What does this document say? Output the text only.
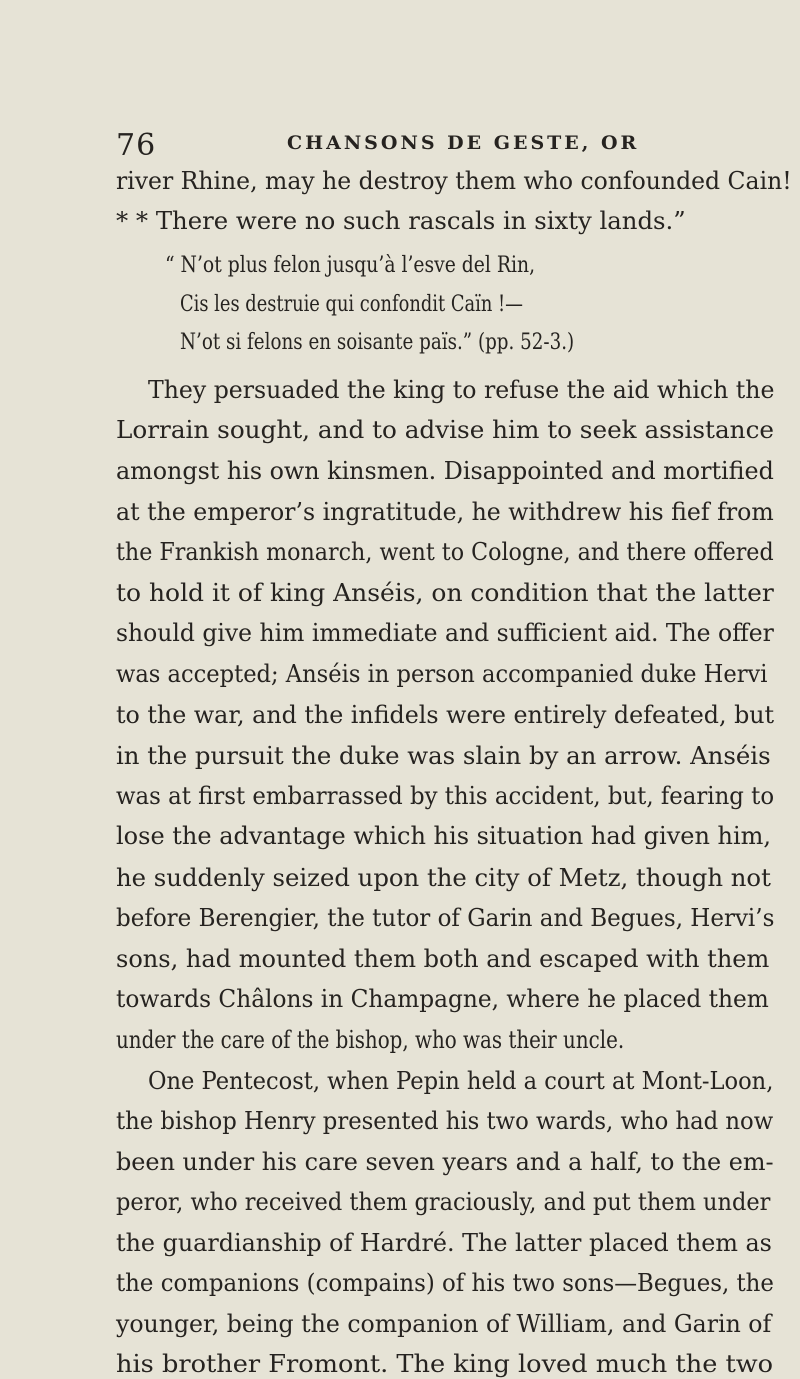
76	CHANSONS DE GESTE, OR
river Rhine, may he destroy them who confounded Cain!
* * There were no such rascals in sixty lands.”
“ N’ot plus felon jusqu’à l’esve del Rin,
Cis les destruie qui confondit Caïn !—
N’ot si felons en soisante païs.” (pp. 52-3.)
They persuaded the king to refuse the aid which the
Lorrain sought, and to advise him to seek assistance
amongst his own kinsmen. Disappointed and mortified
at the emperor’s ingratitude, he withdrew his fief from
the Frankish monarch, went to Cologne, and there offered
to hold it of king Anséis, on condition that the latter
should give him immediate and sufficient aid. The offer
was accepted; Anséis in person accompanied duke Hervi
to the war, and the infidels were entirely defeated, but
in the pursuit the duke was slain by an arrow. Anséis
was at first embarrassed by this accident, but, fearing to
lose the advantage which his situation had given him,
he suddenly seized upon the city of Metz, though not
before Berengier, the tutor of Garin and Begues, Hervi’s
sons, had mounted them both and escaped with them
towards Châlons in Champagne, where he placed them
under the care of the bishop, who was their uncle.
One Pentecost, when Pepin held a court at Mont-Loon,
the bishop Henry presented his two wards, who had now
been under his care seven years and a half, to the em-
peror, who received them graciously, and put them under
the guardianship of Hardré. The latter placed them as
the companions (compains) of his two sons—Begues, the
younger, being the companion of William, and Garin of
his brother Fromont. The king loved much the two
